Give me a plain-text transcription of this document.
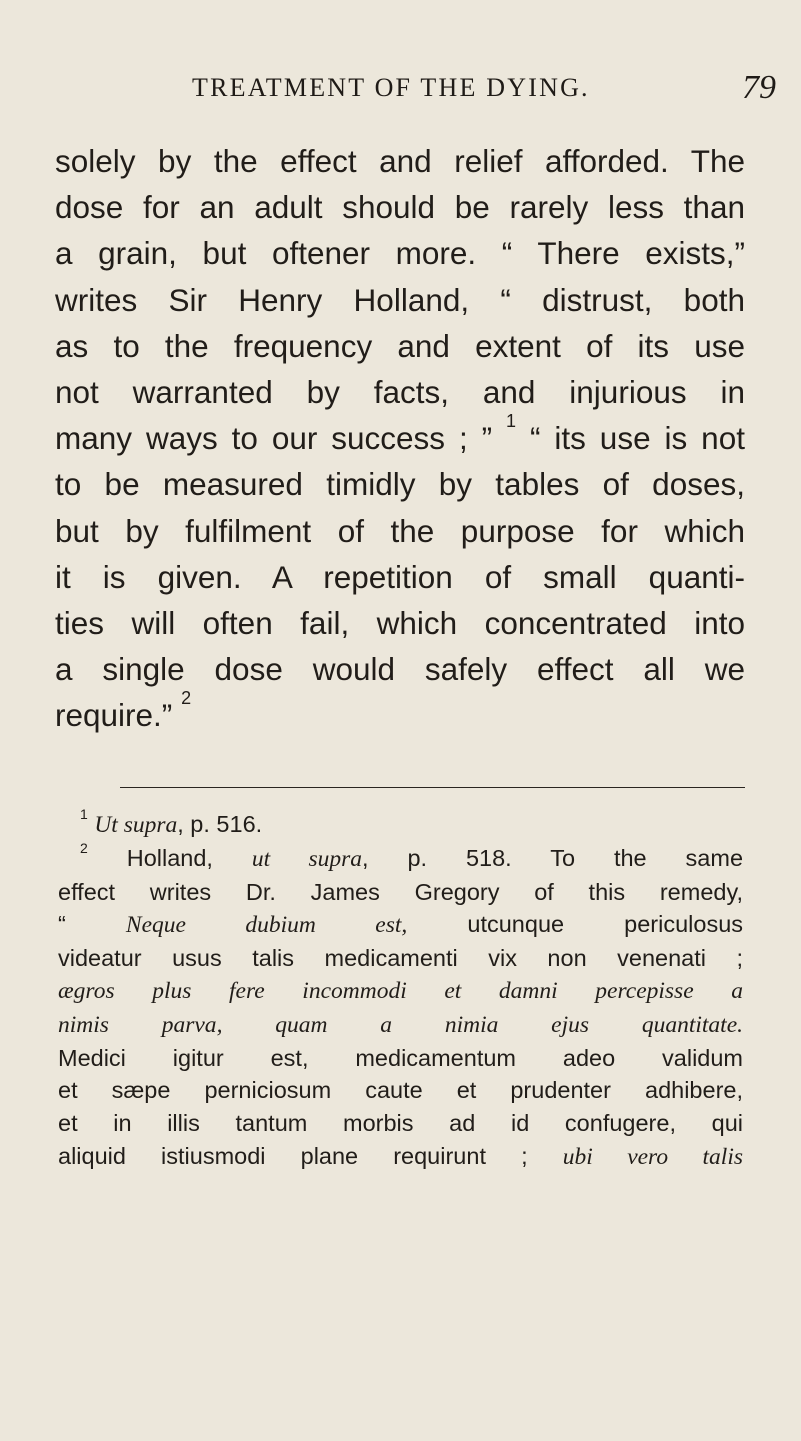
TREATMENT OF THE DYING.	79
solely by the effect and relief afforded. The
dose for an adult should be rarely less than
a grain, but oftener more. “ There exists,”
writes Sir Henry Holland, “ distrust, both
as to the frequency and extent of its use
not warranted by facts, and injurious in
many ways to our success ; ” $^1$ “ its use is not
to be measured timidly by tables of doses,
but by fulfilment of the purpose for which
it is given. A repetition of small quanti-
ties will often fail, which concentrated into
a single dose would safely effect all we
require.” $^2$
$^1$ Ut supra, p. 516.
$^2$ Holland, ut supra, p. 518. To the same
effect writes Dr. James Gregory of this remedy,
“	Neque dubium est,	utcunque periculosus
videatur usus talis medicamenti vix non venenati ;
ægros plus fere incommodi et damni percepisse a
nimis parva, quam a nimia ejus quantitate.
Medici igitur est, medicamentum adeo validum
et sæpe perniciosum caute et prudenter adhibere,
et in illis tantum morbis ad id confugere, qui
aliquid istiusmodi plane requirunt ; ubi vero talis
